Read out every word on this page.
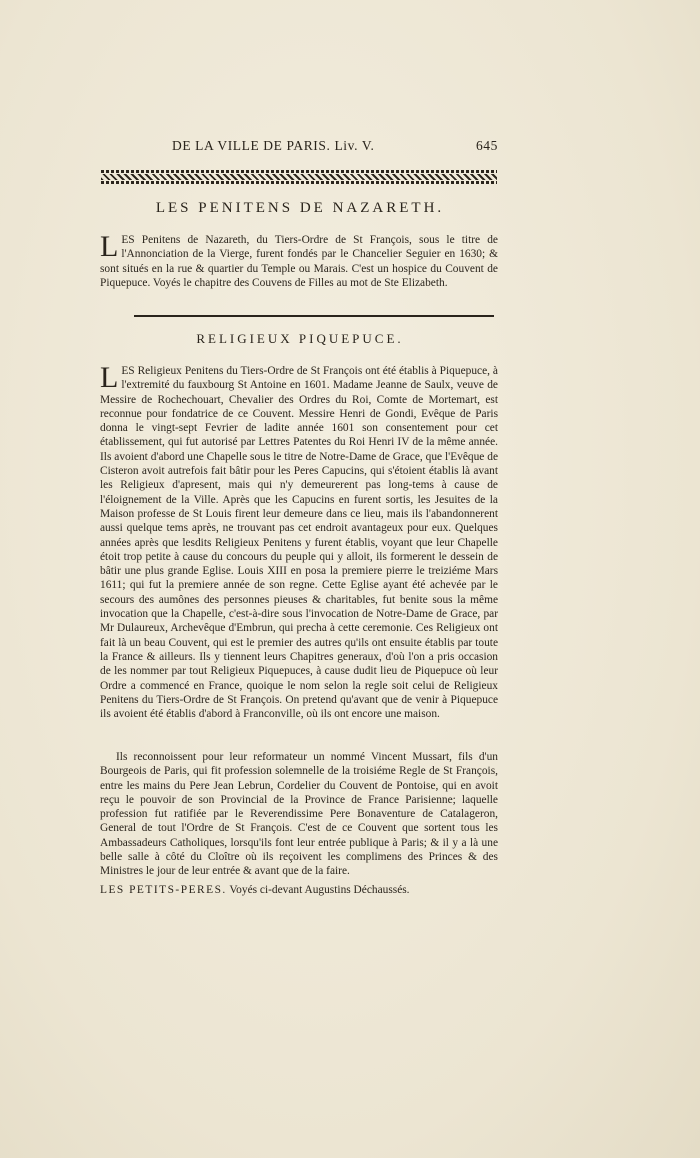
DE LA VILLE DE PARIS. Liv. V.	645
LES PENITENS DE NAZARETH.

LES Penitens de Nazareth, du Tiers-Ordre de St François, sous le titre de l'Annonciation de la Vierge, furent fondés par le Chancelier Seguier en 1630; & sont situés en la rue & quartier du Temple ou Marais. C'est un hospice du Couvent de Piquepuce. Voyés le chapitre des Couvens de Filles au mot de Ste Elizabeth.

RELIGIEUX PIQUEPUCE.

LES Religieux Penitens du Tiers-Ordre de St François ont été établis à Piquepuce, à l'extremité du fauxbourg St Antoine en 1601. Madame Jeanne de Saulx, veuve de Messire de Rochechouart, Chevalier des Ordres du Roi, Comte de Mortemart, est reconnue pour fondatrice de ce Couvent. Messire Henri de Gondi, Evêque de Paris donna le vingt-sept Fevrier de ladite année 1601 son consentement pour cet établissement, qui fut autorisé par Lettres Patentes du Roi Henri IV de la même année. Ils avoient d'abord une Chapelle sous le titre de Notre-Dame de Grace, que l'Evêque de Cisteron avoit autrefois fait bâtir pour les Peres Capucins, qui s'étoient établis là avant les Religieux d'apresent, mais qui n'y demeurerent pas long-tems à cause de l'éloignement de la Ville. Après que les Capucins en furent sortis, les Jesuites de la Maison professe de St Louis firent leur demeure dans ce lieu, mais ils l'abandonnerent aussi quelque tems après, ne trouvant pas cet endroit avantageux pour eux. Quelques années après que lesdits Religieux Penitens y furent établis, voyant que leur Chapelle étoit trop petite à cause du concours du peuple qui y alloit, ils formerent le dessein de bâtir une plus grande Eglise. Louis XIII en posa la premiere pierre le treiziéme Mars 1611; qui fut la premiere année de son regne. Cette Eglise ayant été achevée par le secours des aumônes des personnes pieuses & charitables, fut benite sous la même invocation que la Chapelle, c'est-à-dire sous l'invocation de Notre-Dame de Grace, par Mr Dulaureux, Archevêque d'Embrun, qui precha à cette ceremonie. Ces Religieux ont fait là un beau Couvent, qui est le premier des autres qu'ils ont ensuite établis par toute la France & ailleurs. Ils y tiennent leurs Chapitres generaux, d'où l'on a pris occasion de les nommer par tout Religieux Piquepuces, à cause dudit lieu de Piquepuce où leur Ordre a commencé en France, quoique le nom selon la regle soit celui de Religieux Penitens du Tiers-Ordre de St François. On pretend qu'avant que de venir à Piquepuce ils avoient été établis d'abord à Franconville, où ils ont encore une maison.

Ils reconnoissent pour leur reformateur un nommé Vincent Mussart, fils d'un Bourgeois de Paris, qui fit profession solemnelle de la troisiéme Regle de St François, entre les mains du Pere Jean Lebrun, Cordelier du Couvent de Pontoise, qui en avoit reçu le pouvoir de son Provincial de la Province de France Parisienne; laquelle profession fut ratifiée par le Reverendissime Pere Bonaventure de Catalageron, General de tout l'Ordre de St François. C'est de ce Couvent que sortent tous les Ambassadeurs Catholiques, lorsqu'ils font leur entrée publique à Paris; & il y a là une belle salle à côté du Cloître où ils reçoivent les complimens des Princes & des Ministres le jour de leur entrée & avant que de la faire.

LES PETITS-PERES. Voyés ci-devant Augustins Déchaussés.
